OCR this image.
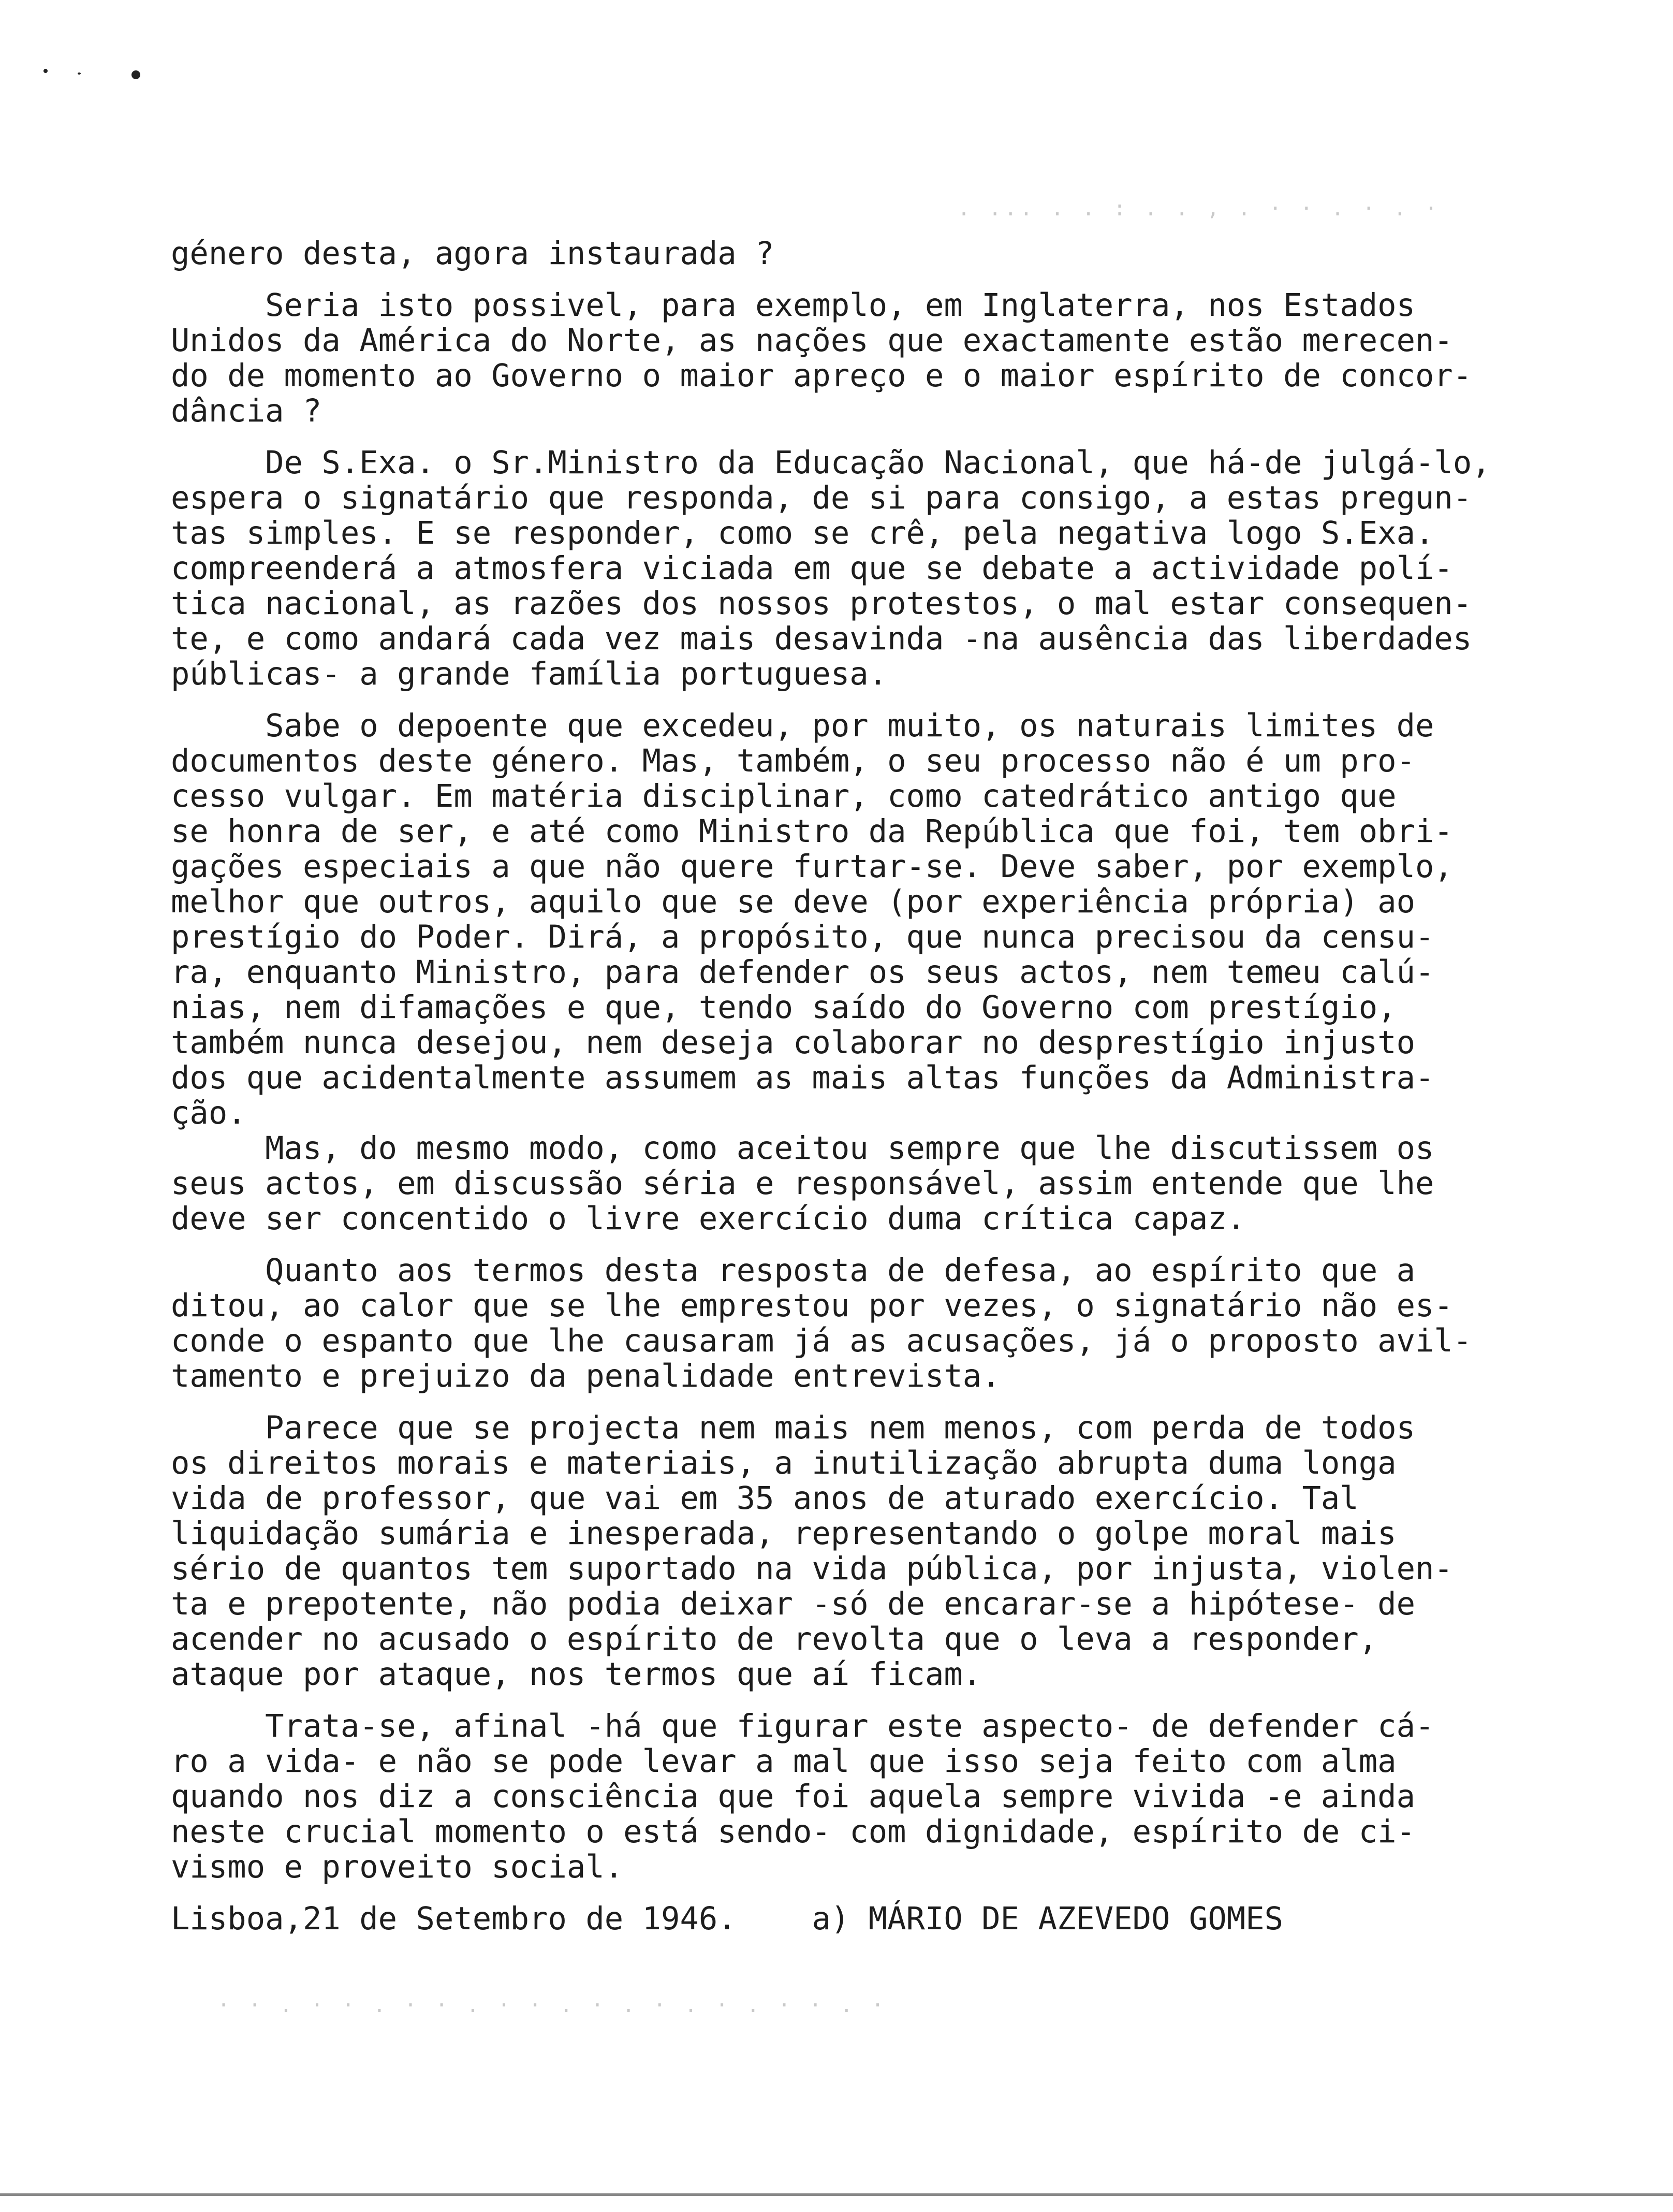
. ... . . : . . , . · · . · . ·
· · . · · . · · . · · . · . · . · . · · . ·
género desta, agora instaurada ?
Seria isto possivel, para exemplo, em Inglaterra, nos Estados
Unidos da América do Norte, as nações que exactamente estão merecen-
do de momento ao Governo o maior apreço e o maior espírito de concor-
dância ?
De S.Exa. o Sr.Ministro da Educação Nacional, que há-de julgá-lo,
espera o signatário que responda, de si para consigo, a estas pregun-
tas simples. E se responder, como se crê, pela negativa logo S.Exa.
compreenderá a atmosfera viciada em que se debate a actividade polí-
tica nacional, as razões dos nossos protestos, o mal estar consequen-
te, e como andará cada vez mais desavinda -na ausência das liberdades
públicas- a grande família portuguesa.
Sabe o depoente que excedeu, por muito, os naturais limites de
documentos deste género. Mas, também, o seu processo não é um pro-
cesso vulgar. Em matéria disciplinar, como catedrático antigo que
se honra de ser, e até como Ministro da República que foi, tem obri-
gações especiais a que não quere furtar-se. Deve saber, por exemplo,
melhor que outros, aquilo que se deve (por experiência própria) ao
prestígio do Poder. Dirá, a propósito, que nunca precisou da censu-
ra, enquanto Ministro, para defender os seus actos, nem temeu calú-
nias, nem difamações e que, tendo saído do Governo com prestígio,
também nunca desejou, nem deseja colaborar no desprestígio injusto
dos que acidentalmente assumem as mais altas funções da Administra-
ção.
Mas, do mesmo modo, como aceitou sempre que lhe discutissem os
seus actos, em discussão séria e responsável, assim entende que lhe
deve ser concentido o livre exercício duma crítica capaz.
Quanto aos termos desta resposta de defesa, ao espírito que a
ditou, ao calor que se lhe emprestou por vezes, o signatário não es-
conde o espanto que lhe causaram já as acusações, já o proposto avil-
tamento e prejuizo da penalidade entrevista.
Parece que se projecta nem mais nem menos, com perda de todos
os direitos morais e materiais, a inutilização abrupta duma longa
vida de professor, que vai em 35 anos de aturado exercício. Tal
liquidação sumária e inesperada, representando o golpe moral mais
sério de quantos tem suportado na vida pública, por injusta, violen-
ta e prepotente, não podia deixar -só de encarar-se a hipótese- de
acender no acusado o espírito de revolta que o leva a responder,
ataque por ataque, nos termos que aí ficam.
Trata-se, afinal -há que figurar este aspecto- de defender cá-
ro a vida- e não se pode levar a mal que isso seja feito com alma
quando nos diz a consciência que foi aquela sempre vivida -e ainda
neste crucial momento o está sendo- com dignidade, espírito de ci-
vismo e proveito social.
Lisboa,21 de Setembro de 1946. a) MÁRIO DE AZEVEDO GOMES
